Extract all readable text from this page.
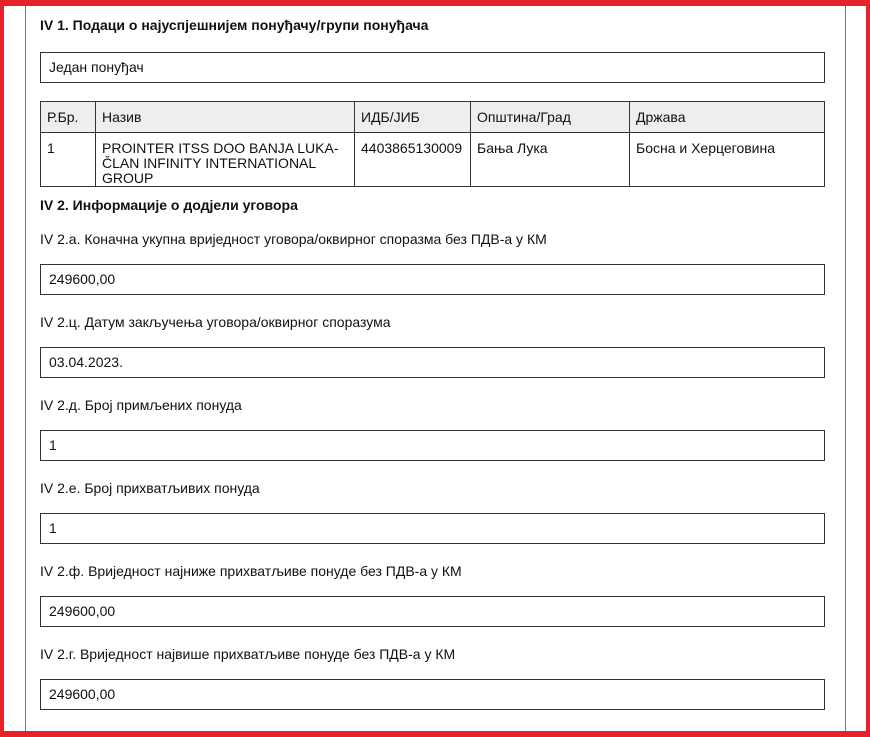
IV 1. Подаци о најуспјешнијем понуђачу/групи понуђача
Један понуђач
Р.Бр.	Назив	ИДБ/ЈИБ	Општина/Град	Држава
1	PROINTER ITSS DOO BANJA LUKA-ČLAN INFINITY INTERNATIONAL GROUP	4403865130009	Бања Лука	Босна и Херцеговина
IV 2. Информације о додјели уговора
IV 2.а. Коначна укупна вриједност уговора/оквирног споразма без ПДВ-а у КМ
249600,00
IV 2.ц. Датум закључења уговора/оквирног споразума
03.04.2023.
IV 2.д. Број примљених понуда
1
IV 2.е. Број прихватљивих понуда
1
IV 2.ф. Вриједност најниже прихватљиве понуде без ПДВ-а у КМ
249600,00
IV 2.г. Вриједност највише прихватљиве понуде без ПДВ-а у КМ
249600,00
